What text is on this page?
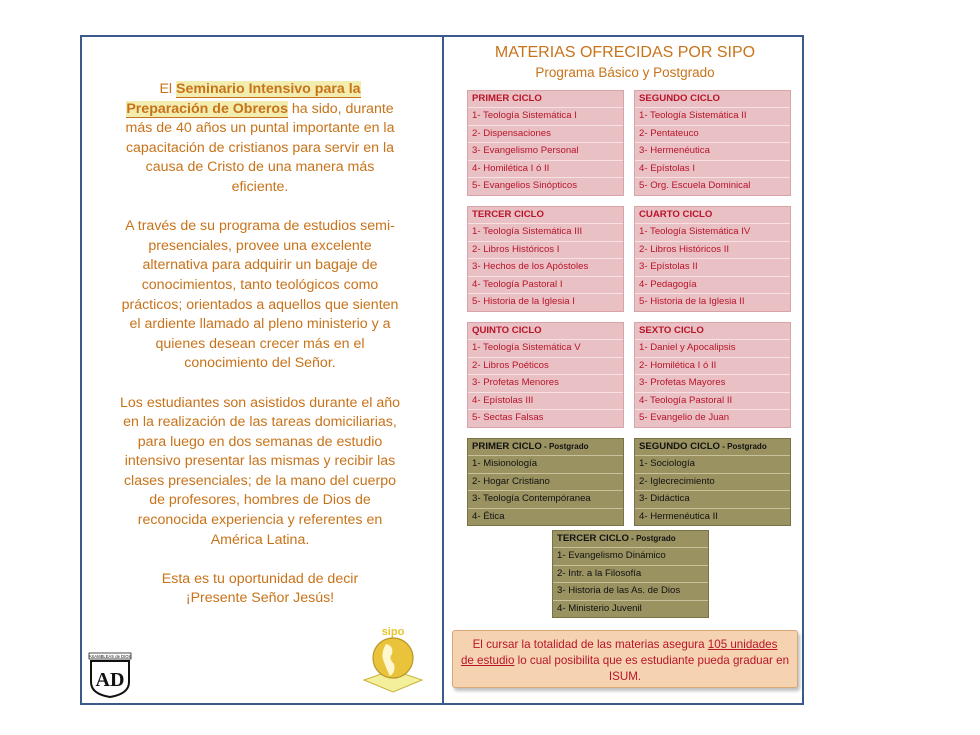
El Seminario Intensivo para la Preparación de Obreros ha sido, durante más de 40 años un puntal importante en la capacitación de cristianos para servir en la causa de Cristo de una manera más eficiente.

A través de su programa de estudios semi-presenciales, provee una excelente alternativa para adquirir un bagaje de conocimientos, tanto teológicos como prácticos; orientados a aquellos que sienten el ardiente llamado al pleno ministerio y a quienes desean crecer más en el conocimiento del Señor.

Los estudiantes son asistidos durante el año en la realización de las tareas domiciliarias, para luego en dos semanas de estudio intensivo presentar las mismas y recibir las clases presenciales; de la mano del cuerpo de profesores, hombres de Dios de reconocida experiencia y referentes en América Latina.

Esta es tu oportunidad de decir
¡Presente Señor Jesús!

ASAMBLEAS de DIOS
AD
sipo
MATERIAS OFRECIDAS POR SIPO
Programa Básico y Postgrado
PRIMER CICLO
1- Teología Sistemática I
2- Dispensaciones
3- Evangelismo Personal
4- Homilética I ó II
5- Evangelios Sinópticos
SEGUNDO CICLO
1- Teología Sistemática II
2- Pentateuco
3- Hermenéutica
4- Epístolas I
5- Org. Escuela Dominical
TERCER CICLO
1- Teología Sistemática III
2- Libros Históricos I
3- Hechos de los Apóstoles
4- Teología Pastoral I
5- Historia de la Iglesia I
CUARTO CICLO
1- Teología Sistemática IV
2- Libros Históricos II
3- Epístolas II
4- Pedagogía
5- Historia de la Iglesia II
QUINTO CICLO
1- Teología Sistemática V
2- Libros Poéticos
3- Profetas Menores
4- Epístolas III
5- Sectas Falsas
SEXTO CICLO
1- Daniel y Apocalipsis
2- Homilética I ó II
3- Profetas Mayores
4- Teología Pastoral II
5- Evangelio de Juan
PRIMER CICLO - Postgrado
1- Misionología
2- Hogar Cristiano
3- Teología Contempóranea
4- Ética
SEGUNDO CICLO - Postgrado
1- Sociología
2- Iglecrecimiento
3- Didáctica
4- Hermenéutica II
TERCER CICLO - Postgrado
1- Evangelismo Dinámico
2- Intr. a la Filosofía
3- Historia de las As. de Dios
4- Ministerio Juvenil
El cursar la totalidad de las materias asegura 105 unidades
de estudio lo cual posibilita que es estudiante pueda graduar en ISUM.
